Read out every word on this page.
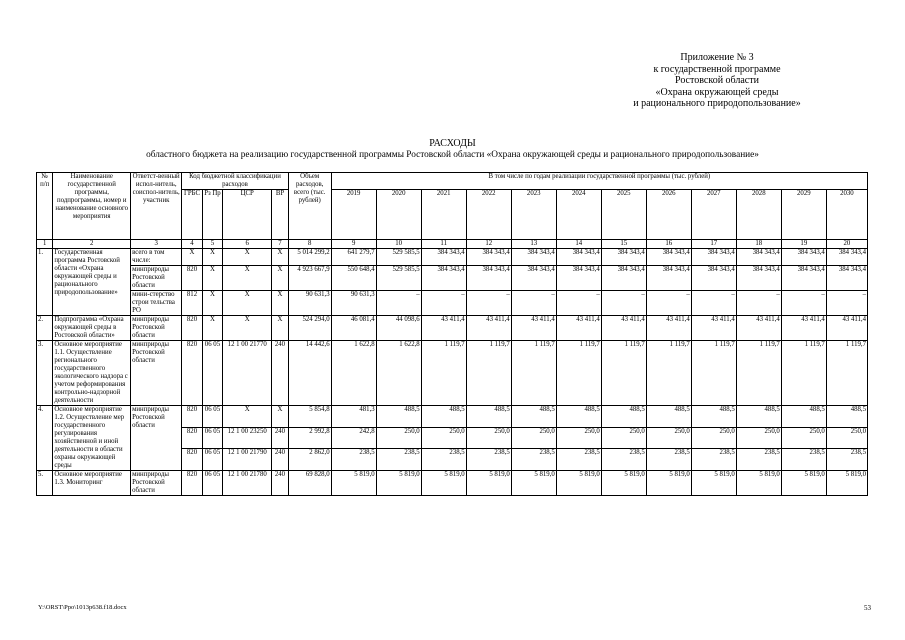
Приложение № 3
к государственной программе
Ростовской области
«Охрана окружающей среды
и рационального природопользование»
РАСХОДЫ
областного бюджета на реализацию государственной программы Ростовской области «Охрана окружающей среды и рационального природопользование»
№ п/п	Наименование государственной программы, подпрограммы, номер и наименование основного мероприятия	Ответст-венный испол-нитель, соиспол-нитель, участник	Код бюджетной классификации расходов				Объем расходов, всего (тыс. рублей)	В том числе по годам реализации государственной программы (тыс. рублей)											
			ГРБС	Рз Пр	ЦСР	ВР		2019	2020	2021	2022	2023	2024	2025	2026	2027	2028	2029	2030
1	2	3	4	5	6	7	8	9	10	11	12	13	14	15	16	17	18	19	20
1.	Государственная программа Ростовской области «Охрана окружающей среды и рационального природопользование»	всего в том числе:	X	X	X	X	5 014 299,2	641 279,7	529 585,5	384 343,4	384 343,4	384 343,4	384 343,4	384 343,4	384 343,4	384 343,4	384 343,4	384 343,4	384 343,4
		минприроды Ростовской области	820	X	X	X	4 923 667,9	550 648,4	529 585,5	384 343,4	384 343,4	384 343,4	384 343,4	384 343,4	384 343,4	384 343,4	384 343,4	384 343,4	384 343,4
		мини-стерство строи тельства РО	812	X	X	X	90 631,3	90 631,3	–	–	–	–	–	–	–	–	–	–	–
2.	Подпрограмма «Охрана окружающей среды в Ростовской области»	минприроды Ростовской области	820	X	X	X	524 294,0	46 081,4	44 098,6	43 411,4	43 411,4	43 411,4	43 411,4	43 411,4	43 411,4	43 411,4	43 411,4	43 411,4	43 411,4
3.	Основное мероприятие 1.1. Осуществление регионального государственного экологического надзора с учетом реформирования контрольно-надзорной деятельности	минприроды Ростовской области	820	06 05	12 1 00 21770	240	14 442,6	1 622,8	1 622,8	1 119,7	1 119,7	1 119,7	1 119,7	1 119,7	1 119,7	1 119,7	1 119,7	1 119,7	1 119,7
4.	Основное мероприятие 1.2. Осуществление мер государственного регулирования хозяйственной и иной деятельности в области охраны окружающей среды	минприроды Ростовской области	820	06 05	X	X	5 854,8	481,3	488,5	488,5	488,5	488,5	488,5	488,5	488,5	488,5	488,5	488,5	488,5
			820	06 05	12 1 00 23250	240	2 992,8	242,8	250,0	250,0	250,0	250,0	250,0	250,0	250,0	250,0	250,0	250,0	250,0
			820	06 05	12 1 00 21790	240	2 862,0	238,5	238,5	238,5	238,5	238,5	238,5	238,5	238,5	238,5	238,5	238,5	238,5
5.	Основное мероприятие 1.3. Мониторинг	минприроды Ростовской области	820	06 05	12 1 00 21780	240	69 828,0	5 819,0	5 819,0	5 819,0	5 819,0	5 819,0	5 819,0	5 819,0	5 819,0	5 819,0	5 819,0	5 819,0	5 819,0
Y:\ORST\Ppo\1013p638.f18.docx	53
